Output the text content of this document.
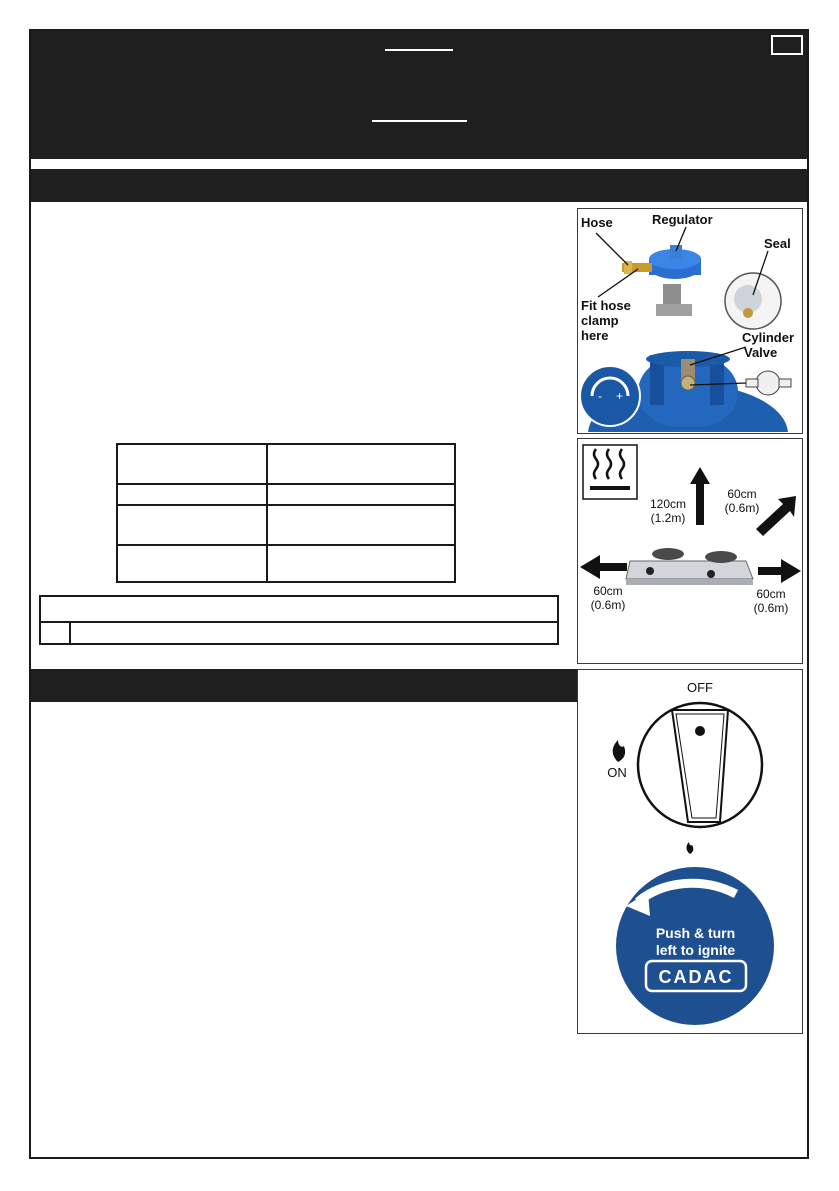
- +
Hose	Regulator
Seal
Fit hose
clamp
here	Cylinder
Valve
120cm
(1.2m)
60cm
(0.6m)
60cm
(0.6m)
60cm
(0.6m)
OFF
ON
Push & turn
left to ignite
CADAC
